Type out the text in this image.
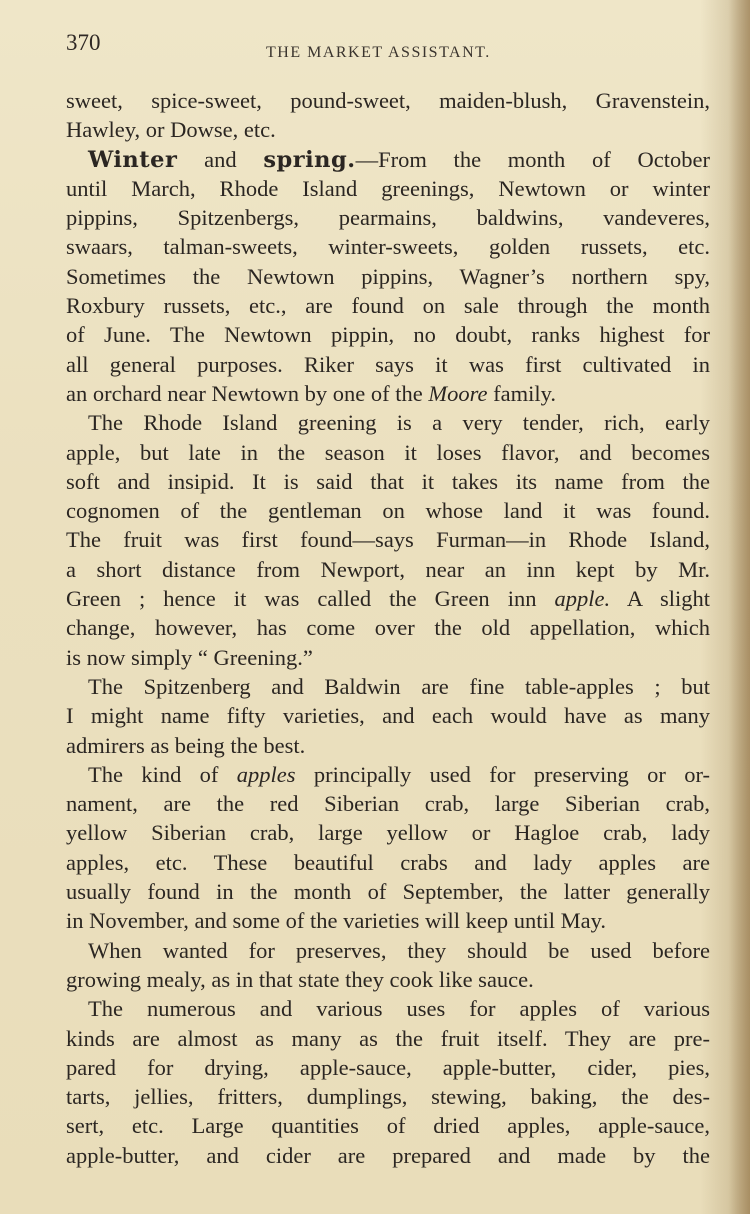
370	THE MARKET ASSISTANT.
sweet, spice-sweet, pound-sweet, maiden-blush, Gravenstein,
Hawley, or Dowse, etc.
Winter and spring.—From the month of October
until March, Rhode Island greenings, Newtown or winter
pippins, Spitzenbergs, pearmains, baldwins, vandeveres,
swaars, talman-sweets, winter-sweets, golden russets, etc.
Sometimes the Newtown pippins, Wagner’s northern spy,
Roxbury russets, etc., are found on sale through the month
of June. The Newtown pippin, no doubt, ranks highest for
all general purposes. Riker says it was first cultivated in
an orchard near Newtown by one of the Moore family.
The Rhode Island greening is a very tender, rich, early
apple, but late in the season it loses flavor, and becomes
soft and insipid. It is said that it takes its name from the
cognomen of the gentleman on whose land it was found.
The fruit was first found—says Furman—in Rhode Island,
a short distance from Newport, near an inn kept by Mr.
Green ; hence it was called the Green inn apple. A slight
change, however, has come over the old appellation, which
is now simply “ Greening.”
The Spitzenberg and Baldwin are fine table-apples ; but
I might name fifty varieties, and each would have as many
admirers as being the best.
The kind of apples principally used for preserving or or-
nament, are the red Siberian crab, large Siberian crab,
yellow Siberian crab, large yellow or Hagloe crab, lady
apples, etc. These beautiful crabs and lady apples are
usually found in the month of September, the latter generally
in November, and some of the varieties will keep until May.
When wanted for preserves, they should be used before
growing mealy, as in that state they cook like sauce.
The numerous and various uses for apples of various
kinds are almost as many as the fruit itself. They are pre-
pared for drying, apple-sauce, apple-butter, cider, pies,
tarts, jellies, fritters, dumplings, stewing, baking, the des-
sert, etc. Large quantities of dried apples, apple-sauce,
apple-butter, and cider are prepared and made by the
